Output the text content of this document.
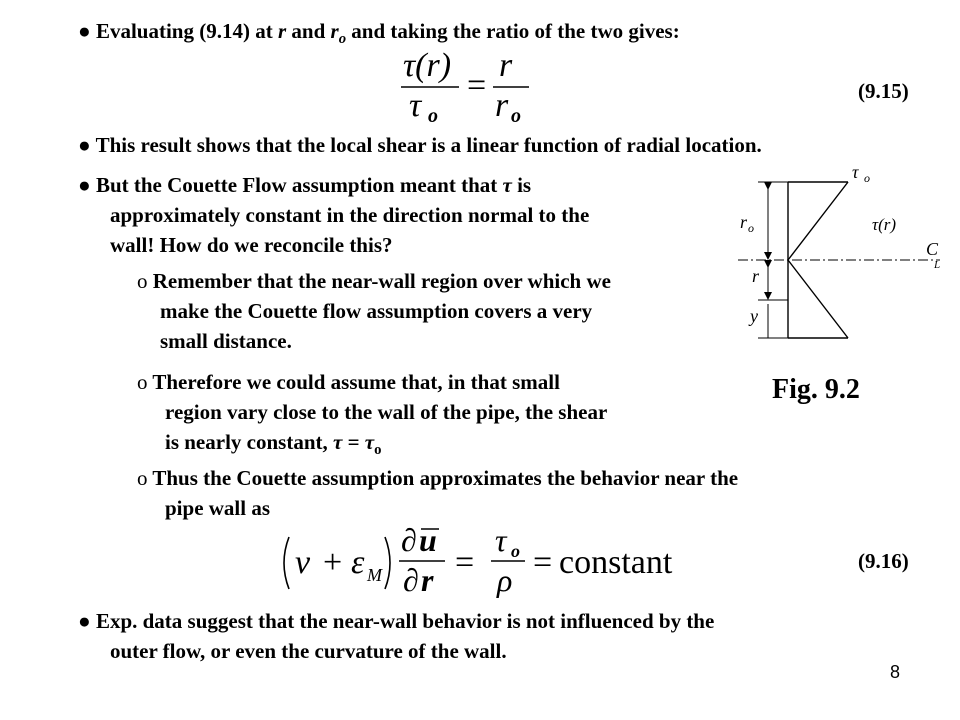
● Evaluating (9.14) at r and $r_o$ and taking the ratio of the two gives:
τ(r)
τ o
=
r
r o
(9.15)
● This result shows that the local shear is a linear function of radial location.
● But the Couette Flow assumption meant that τ is
approximately constant in the direction normal to the
wall! How do we reconcile this?
o Remember that the near-wall region over which we
make the Couette flow assumption covers a very
small distance.
o Therefore we could assume that, in that small
region vary close to the wall of the pipe, the shear
is nearly constant, $\tau = \tau_o$
o Thus the Couette assumption approximates the behavior near the
pipe wall as
ν + ε M
∂ u
∂ r =
τ o
ρ = constant	(9.16)
● Exp. data suggest that the near-wall behavior is not influenced by the
outer flow, or even the curvature of the wall.
τ o
τ(r)
r o
r
y
C
L
Fig. 9.2
8
